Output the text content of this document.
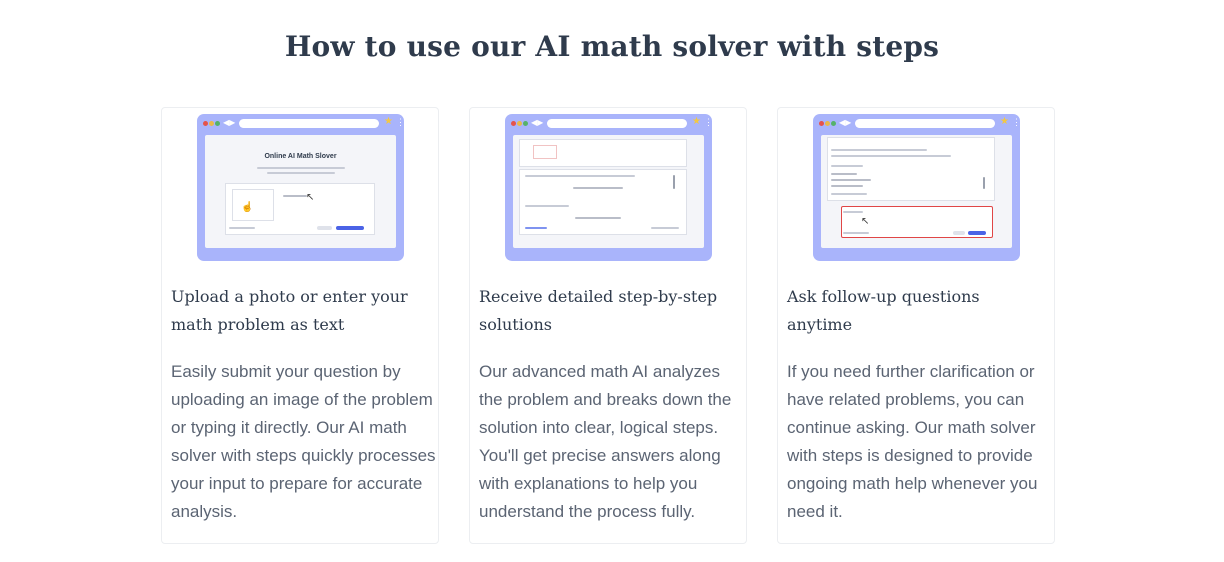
How to use our AI math solver with steps
◀▶	★ ⋮
Online AI Math Slover
↖
☝
Upload a photo or enter your math problem as text
Easily submit your question by uploading an image of the problem or typing it directly. Our AI math solver with steps quickly processes your input to prepare for accurate analysis.
◀▶	★ ⋮
Receive detailed step-by-step solutions
Our advanced math AI analyzes the problem and breaks down the solution into clear, logical steps. You'll get precise answers along with explanations to help you understand the process fully.
◀▶	★ ⋮
↖
Ask follow-up questions anytime
If you need further clarification or have related problems, you can continue asking. Our math solver with steps is designed to provide ongoing math help whenever you need it.
